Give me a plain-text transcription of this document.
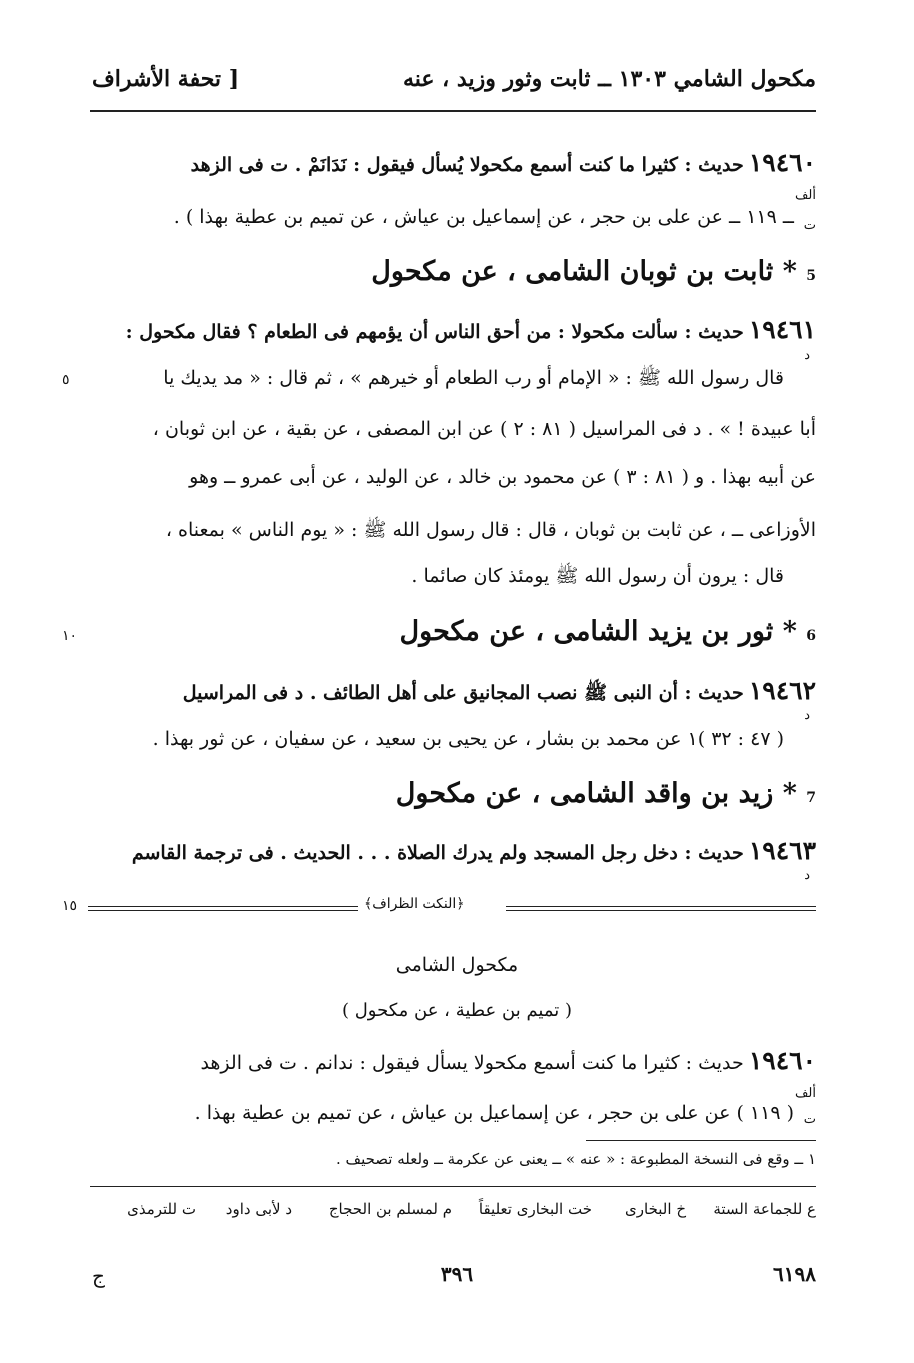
مكحول الشامي ١٣٠٣ ــ ثابت وثور وزيد ، عنه
[ تحفة الأشراف
١٩٤٦٠ حديث : كثيرا ما كنت أسمع مكحولا يُسأل فيقول : نَدَانَمْ . ت فى الزهد
ألف
ت
ــ ١١٩ ــ عن على بن حجر ، عن إسماعيل بن عياش ، عن تميم بن عطية بهذا ) .
5 * ثابت بن ثوبان الشامى ، عن مكحول
١٩٤٦١ حديث : سألت مكحولا : من أحق الناس أن يؤمهم فى الطعام ؟ فقال مكحول :
د
قال رسول الله ﷺ : « الإمام أو رب الطعام أو خيرهم » ، ثم قال : « مد يديك يا
أبا عبيدة ! » . د فى المراسيل ( ٨١ : ٢ ) عن ابن المصفى ، عن بقية ، عن ابن ثوبان ،
عن أبيه بهذا . و ( ٨١ : ٣ ) عن محمود بن خالد ، عن الوليد ، عن أبى عمرو ــ وهو
الأوزاعى ــ ، عن ثابت بن ثوبان ، قال : قال رسول الله ﷺ : « يوم الناس » بمعناه ،
قال : يرون أن رسول الله ﷺ يومئذ كان صائما .
٥
6 * ثور بن يزيد الشامى ، عن مكحول
١٠
١٩٤٦٢ حديث : أن النبى ﷺ نصب المجانيق على أهل الطائف . د فى المراسيل
د
( ٤٧ : ٣٢ )١ عن محمد بن بشار ، عن يحيى بن سعيد ، عن سفيان ، عن ثور بهذا .
7 * زيد بن واقد الشامى ، عن مكحول
١٩٤٦٣ حديث : دخل رجل المسجد ولم يدرك الصلاة . . . الحديث . فى ترجمة القاسم
د
١٥	﴿النكت الظراف﴾
مكحول الشامى
( تميم بن عطية ، عن مكحول )
١٩٤٦٠ حديث : كثيرا ما كنت أسمع مكحولا يسأل فيقول : ندانم . ت فى الزهد
ألف
ت
( ١١٩ ) عن على بن حجر ، عن إسماعيل بن عياش ، عن تميم بن عطية بهذا .
١ ــ وقع فى النسخة المطبوعة : « عنه » ــ يعنى عن عكرمة ــ ولعله تصحيف .
ع للجماعة الستة
خ البخارى
خت البخارى تعليقاً
م لمسلم بن الحجاج
د لأبى داود
ت للترمذى
٦١٩٨
٣٩٦
ج
